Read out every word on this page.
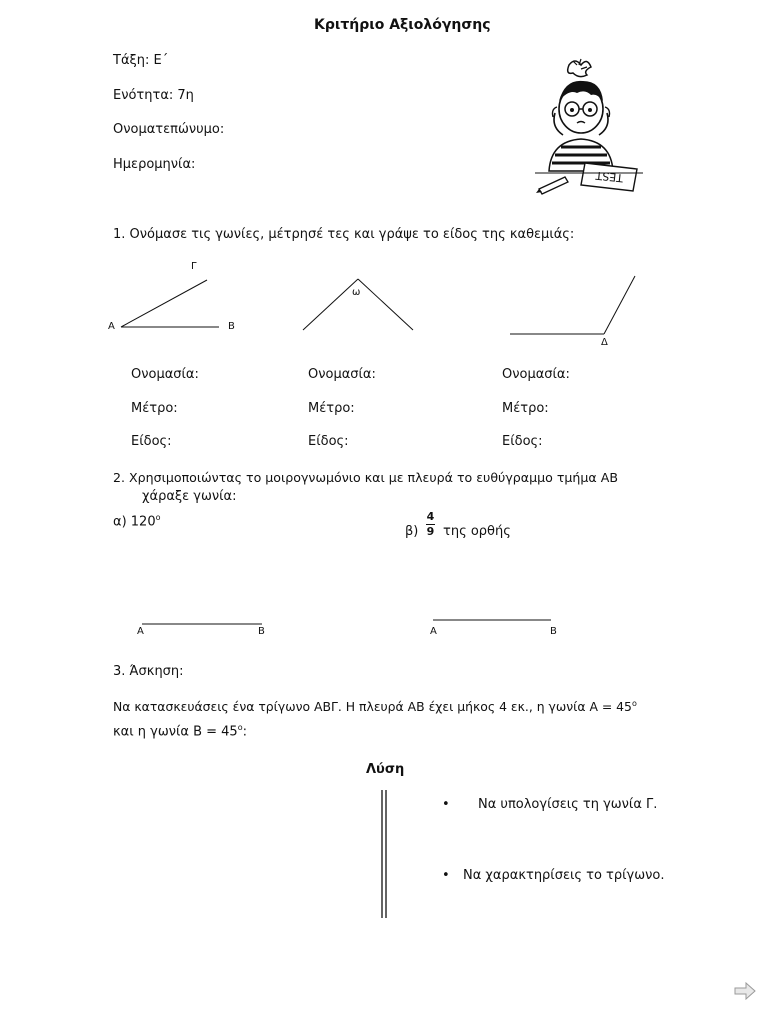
Κριτήριο Αξιολόγησης
Τάξη: Ε΄
Ενότητα: 7η
Ονοματεπώνυμο:
Ημερομηνία:
TEST
1. Ονόμασε τις γωνίες, μέτρησέ τες και γράψε το είδος της καθεμιάς:
Α	Β
Γ
ω
Δ
Ονομασία:
Μέτρο:
Είδος:
Ονομασία:
Μέτρο:
Είδος:
Ονομασία:
Μέτρο:
Είδος:
2. Χρησιμοποιώντας το μοιρογνωμόνιο και με πλευρά το ευθύγραμμο τμήμα ΑΒ
χάραξε γωνία:
α) $120^o$
β)
4
9 της ορθής
Α	Β	Α	Β
3. Άσκηση:
Να κατασκευάσεις ένα τρίγωνο ΑΒΓ. Η πλευρά ΑΒ έχει μήκος 4 εκ., η γωνία $A = 45^o$
και η γωνία $B = 45^o$:
Λύση
• Να υπολογίσεις τη γωνία Γ.
• Να χαρακτηρίσεις το τρίγωνο.
